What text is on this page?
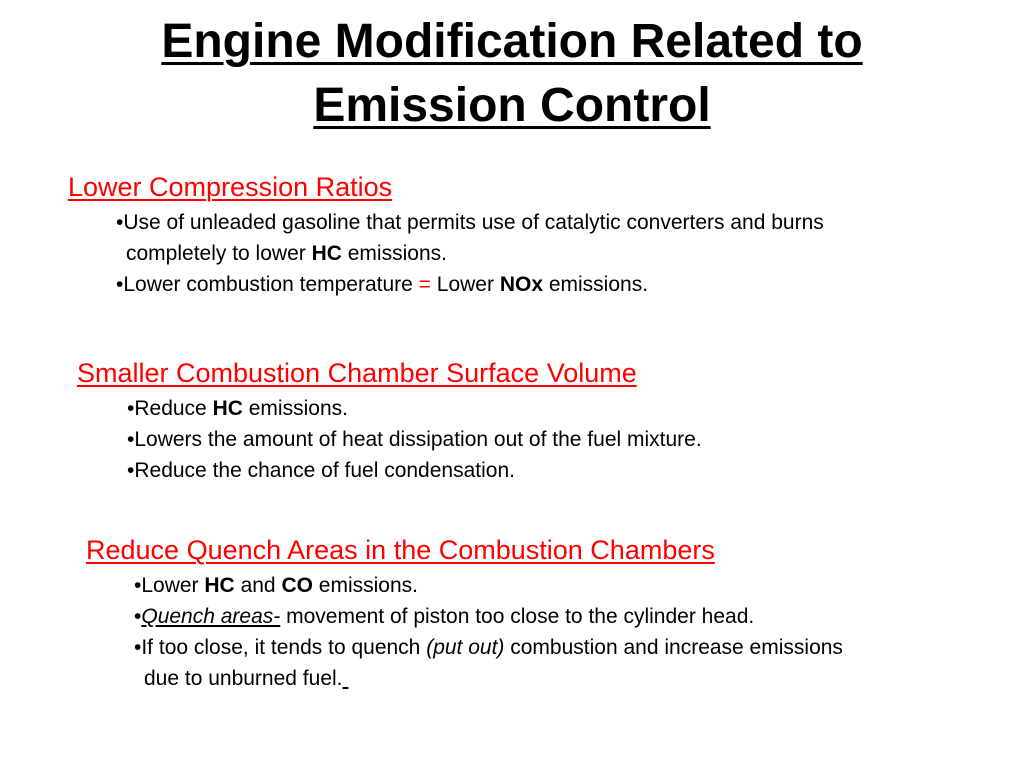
Engine Modification Related to
Emission Control
Lower Compression Ratios
•Use of unleaded gasoline that permits use of catalytic converters and burns
completely to lower HC emissions.
•Lower combustion temperature = Lower NOx emissions.
Smaller Combustion Chamber Surface Volume
•Reduce HC emissions.
•Lowers the amount of heat dissipation out of the fuel mixture.
•Reduce the chance of fuel condensation.
Reduce Quench Areas in the Combustion Chambers
•Lower HC and CO emissions.
•Quench areas- movement of piston too close to the cylinder head.
•If too close, it tends to quench (put out) combustion and increase emissions
due to unburned fuel.
